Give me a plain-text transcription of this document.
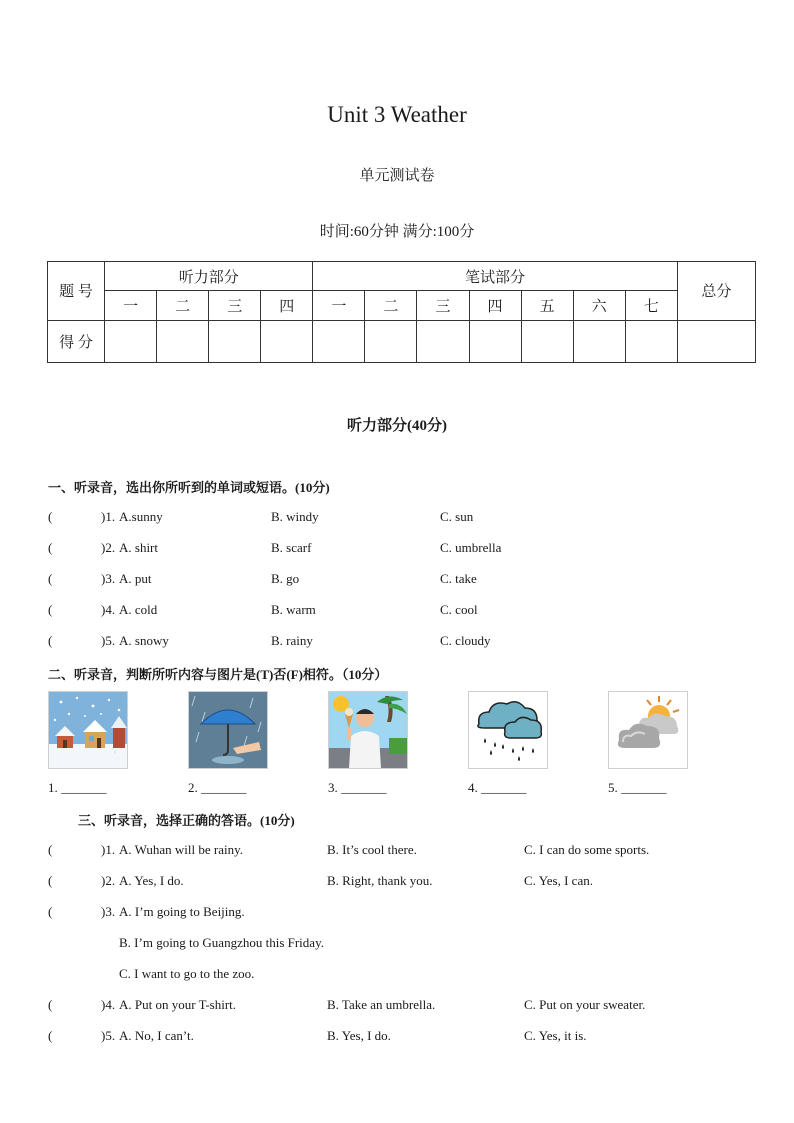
Unit 3 Weather
单元测试卷
时间:60分钟 满分:100分
题 号	听力部分				笔试部分							总分
	一	二	三	四	一	二	三	四	五	六	七	
得 分												
听力部分(40分)
一、听录音，选出你所听到的单词或短语。(10分)
(	)1. A.sunny	B. windy	C. sun
(	)2. A. shirt	B. scarf	C. umbrella
(	)3. A. put	B. go	C. take
(	)4. A. cold	B. warm	C. cool
(	)5. A. snowy	B. rainy	C. cloudy
二、听录音，判断所听内容与图片是(T)否(F)相符。（10分）
1. _______	2. _______	3. _______	4. _______	5. _______
三、听录音，选择正确的答语。(10分)
(	)1. A. Wuhan will be rainy.	B. It’s cool there.	C. I can do some sports.
(	)2. A. Yes, I do.	B. Right, thank you.	C. Yes, I can.
(	)3. A. I’m going to Beijing.
B. I’m going to Guangzhou this Friday.
C. I want to go to the zoo.
(	)4. A. Put on your T-shirt.	B. Take an umbrella.	C. Put on your sweater.
(	)5. A. No, I can’t.	B. Yes, I do.	C. Yes, it is.
